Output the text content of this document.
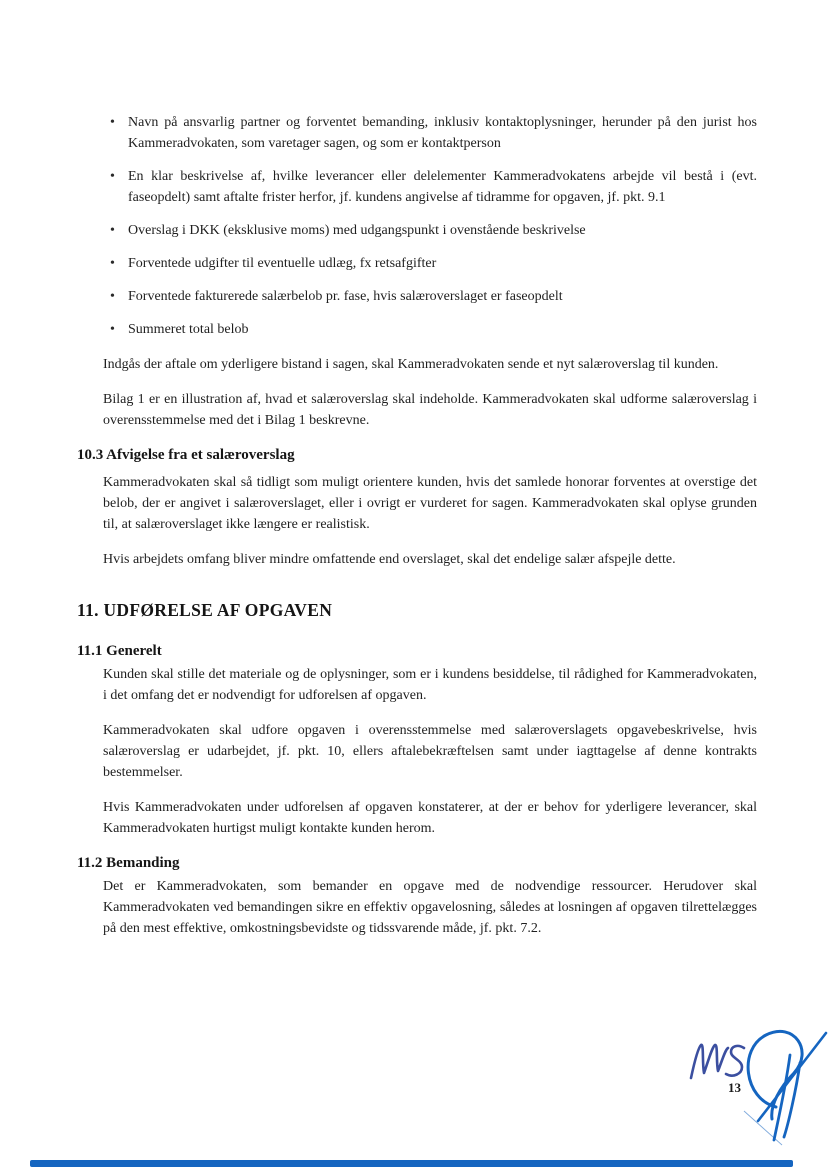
• Navn på ansvarlig partner og forventet bemanding, inklusiv kontaktoplysninger, herunder på den jurist hos Kammeradvokaten, som varetager sagen, og som er kontaktperson
• En klar beskrivelse af, hvilke leverancer eller delelementer Kammeradvokatens arbejde vil bestå i (evt. faseopdelt) samt aftalte frister herfor, jf. kundens angivelse af tidramme for opgaven, jf. pkt. 9.1
• Overslag i DKK (eksklusive moms) med udgangspunkt i ovenstående beskrivelse
• Forventede udgifter til eventuelle udlæg, fx retsafgifter
• Forventede fakturerede salærbelob pr. fase, hvis salæroverslaget er faseopdelt
• Summeret total belob

Indgås der aftale om yderligere bistand i sagen, skal Kammeradvokaten sende et nyt salæroverslag til kunden.

Bilag 1 er en illustration af, hvad et salæroverslag skal indeholde. Kammeradvokaten skal udforme salæroverslag i overensstemmelse med det i Bilag 1 beskrevne.

10.3 Afvigelse fra et salæroverslag

Kammeradvokaten skal så tidligt som muligt orientere kunden, hvis det samlede honorar forventes at overstige det belob, der er angivet i salæroverslaget, eller i ovrigt er vurderet for sagen. Kammeradvokaten skal oplyse grunden til, at salæroverslaget ikke længere er realistisk.

Hvis arbejdets omfang bliver mindre omfattende end overslaget, skal det endelige salær afspejle dette.

11. UDFØRELSE AF OPGAVEN
11.1 Generelt

Kunden skal stille det materiale og de oplysninger, som er i kundens besiddelse, til rådighed for Kammeradvokaten, i det omfang det er nodvendigt for udforelsen af opgaven.

Kammeradvokaten skal udfore opgaven i overensstemmelse med salæroverslagets opgavebeskrivelse, hvis salæroverslag er udarbejdet, jf. pkt. 10, ellers aftalebekræftelsen samt under iagttagelse af denne kontrakts bestemmelser.

Hvis Kammeradvokaten under udforelsen af opgaven konstaterer, at der er behov for yderligere leverancer, skal Kammeradvokaten hurtigst muligt kontakte kunden herom.

11.2 Bemanding

Det er Kammeradvokaten, som bemander en opgave med de nodvendige ressourcer. Herudover skal Kammeradvokaten ved bemandingen sikre en effektiv opgavelosning, således at losningen af opgaven tilrettelægges på den mest effektive, omkostningsbevidste og tidssvarende måde, jf. pkt. 7.2.

13
